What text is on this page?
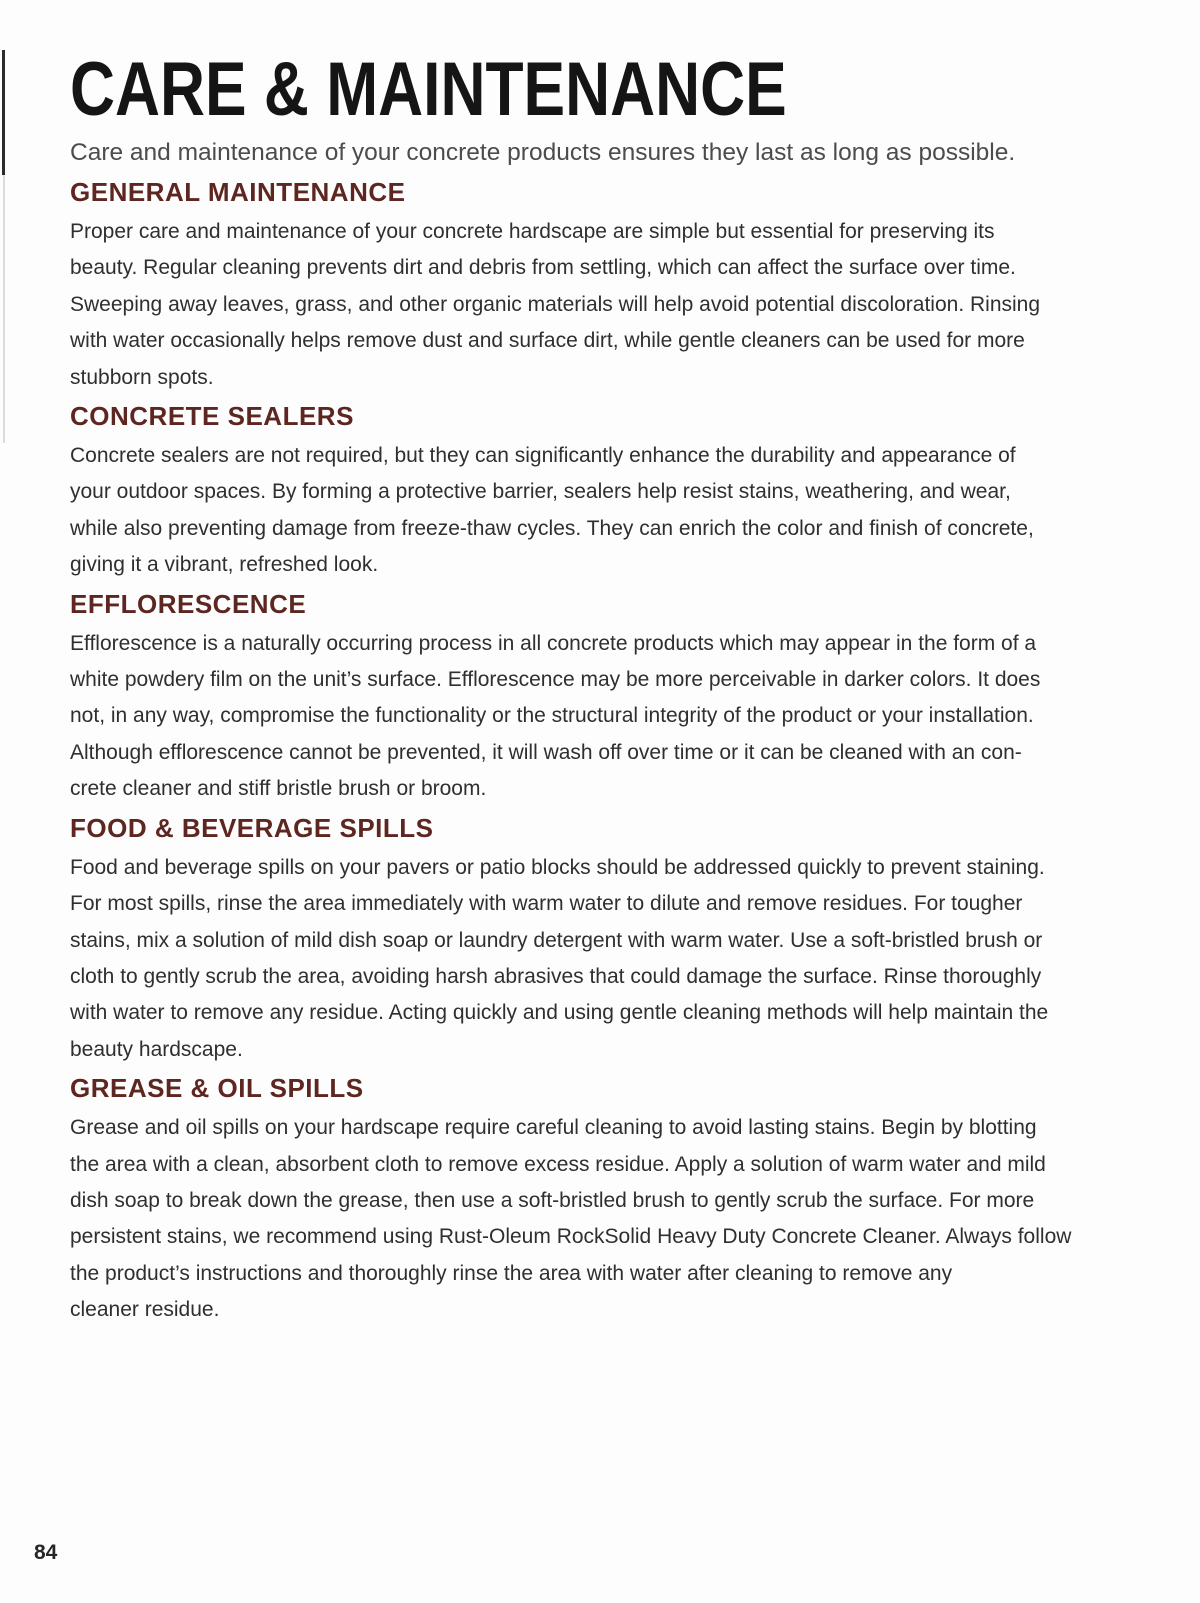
CARE & MAINTENANCE
Care and maintenance of your concrete products ensures they last as long as possible.
GENERAL MAINTENANCE
Proper care and maintenance of your concrete hardscape are simple but essential for preserving its
beauty. Regular cleaning prevents dirt and debris from settling, which can affect the surface over time.
Sweeping away leaves, grass, and other organic materials will help avoid potential discoloration. Rinsing
with water occasionally helps remove dust and surface dirt, while gentle cleaners can be used for more
stubborn spots.
CONCRETE SEALERS
Concrete sealers are not required, but they can significantly enhance the durability and appearance of
your outdoor spaces. By forming a protective barrier, sealers help resist stains, weathering, and wear,
while also preventing damage from freeze-thaw cycles. They can enrich the color and finish of concrete,
giving it a vibrant, refreshed look.
EFFLORESCENCE
Efflorescence is a naturally occurring process in all concrete products which may appear in the form of a
white powdery film on the unit’s surface. Efflorescence may be more perceivable in darker colors. It does
not, in any way, compromise the functionality or the structural integrity of the product or your installation.
Although efflorescence cannot be prevented, it will wash off over time or it can be cleaned with an con-
crete cleaner and stiff bristle brush or broom.
FOOD & BEVERAGE SPILLS
Food and beverage spills on your pavers or patio blocks should be addressed quickly to prevent staining.
For most spills, rinse the area immediately with warm water to dilute and remove residues. For tougher
stains, mix a solution of mild dish soap or laundry detergent with warm water. Use a soft-bristled brush or
cloth to gently scrub the area, avoiding harsh abrasives that could damage the surface. Rinse thoroughly
with water to remove any residue. Acting quickly and using gentle cleaning methods will help maintain the
beauty hardscape.
GREASE & OIL SPILLS
Grease and oil spills on your hardscape require careful cleaning to avoid lasting stains. Begin by blotting
the area with a clean, absorbent cloth to remove excess residue. Apply a solution of warm water and mild
dish soap to break down the grease, then use a soft-bristled brush to gently scrub the surface. For more
persistent stains, we recommend using Rust-Oleum RockSolid Heavy Duty Concrete Cleaner. Always follow
the product’s instructions and thoroughly rinse the area with water after cleaning to remove any
cleaner residue.
84
